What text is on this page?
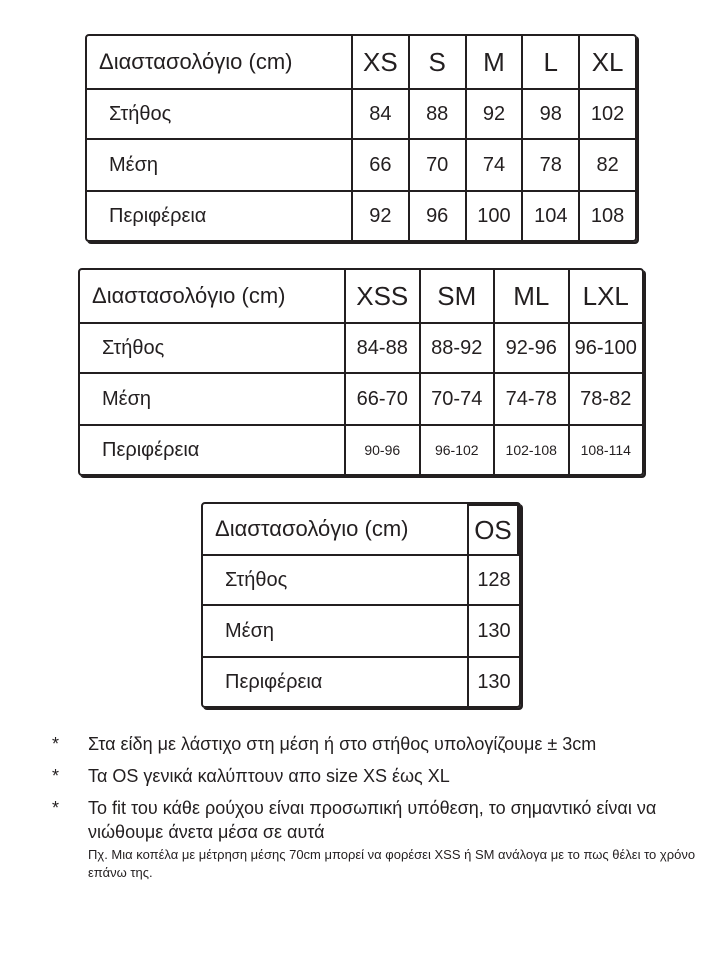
Διαστασολόγιο (cm)	XS	S	M	L	XL
Στήθος	84	88	92	98	102
Μέση	66	70	74	78	82
Περιφέρεια	92	96	100	104	108
Διαστασολόγιο (cm)	XSS	SM	ML	LXL
Στήθος	84-88	88-92	92-96	96-100
Μέση	66-70	70-74	74-78	78-82
Περιφέρεια	90-96	96-102	102-108	108-114
Διαστασολόγιο (cm)	OS
Στήθος	128
Μέση	130
Περιφέρεια	130
* Στα είδη με λάστιχο στη μέση ή στο στήθος υπολογίζουμε ± 3cm
* Τα OS γενικά καλύπτουν απο size XS έως XL
* Το fit του κάθε ρούχου είναι προσωπική υπόθεση, το σημαντικό είναι να νιώθουμε άνετα μέσα σε αυτά
Πχ. Μια κοπέλα με μέτρηση μέσης 70cm μπορεί να φορέσει XSS ή SM ανάλογα με το πως θέλει το χρόνο επάνω της.
